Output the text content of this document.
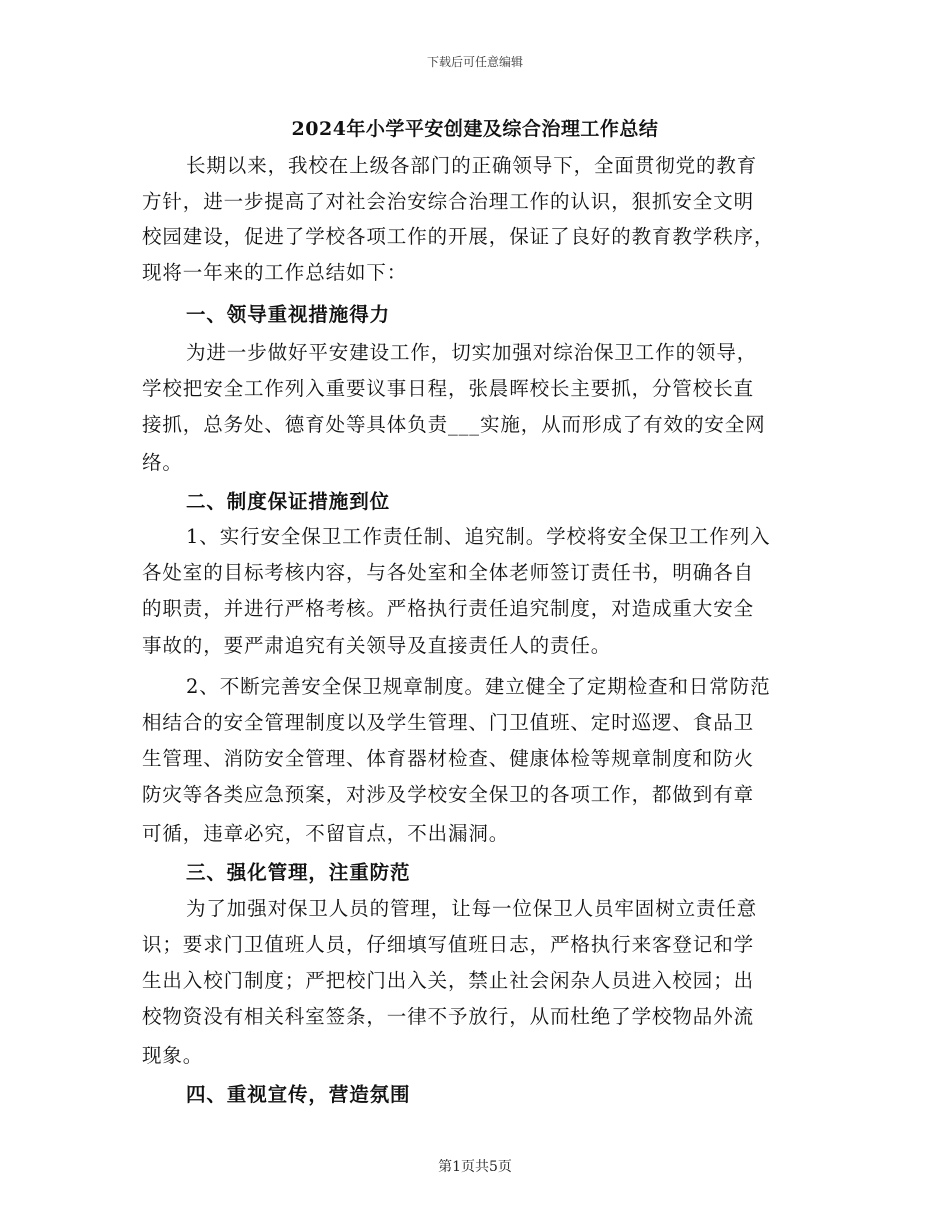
下载后可任意编辑
2024年小学平安创建及综合治理工作总结
长期以来，我校在上级各部门的正确领导下，全面贯彻党的教育
方针，进一步提高了对社会治安综合治理工作的认识，狠抓安全文明
校园建设，促进了学校各项工作的开展，保证了良好的教育教学秩序，
现将一年来的工作总结如下：
一、领导重视措施得力
为进一步做好平安建设工作，切实加强对综治保卫工作的领导，
学校把安全工作列入重要议事日程，张晨晖校长主要抓，分管校长直
接抓，总务处、德育处等具体负责___实施，从而形成了有效的安全网
络。
二、制度保证措施到位
1、实行安全保卫工作责任制、追究制。学校将安全保卫工作列入
各处室的目标考核内容，与各处室和全体老师签订责任书，明确各自
的职责，并进行严格考核。严格执行责任追究制度，对造成重大安全
事故的，要严肃追究有关领导及直接责任人的责任。
2、不断完善安全保卫规章制度。建立健全了定期检查和日常防范
相结合的安全管理制度以及学生管理、门卫值班、定时巡逻、食品卫
生管理、消防安全管理、体育器材检查、健康体检等规章制度和防火
防灾等各类应急预案，对涉及学校安全保卫的各项工作，都做到有章
可循，违章必究，不留盲点，不出漏洞。
三、强化管理，注重防范
为了加强对保卫人员的管理，让每一位保卫人员牢固树立责任意
识；要求门卫值班人员，仔细填写值班日志，严格执行来客登记和学
生出入校门制度；严把校门出入关，禁止社会闲杂人员进入校园；出
校物资没有相关科室签条，一律不予放行，从而杜绝了学校物品外流
现象。
四、重视宣传，营造氛围
第1页共5页
